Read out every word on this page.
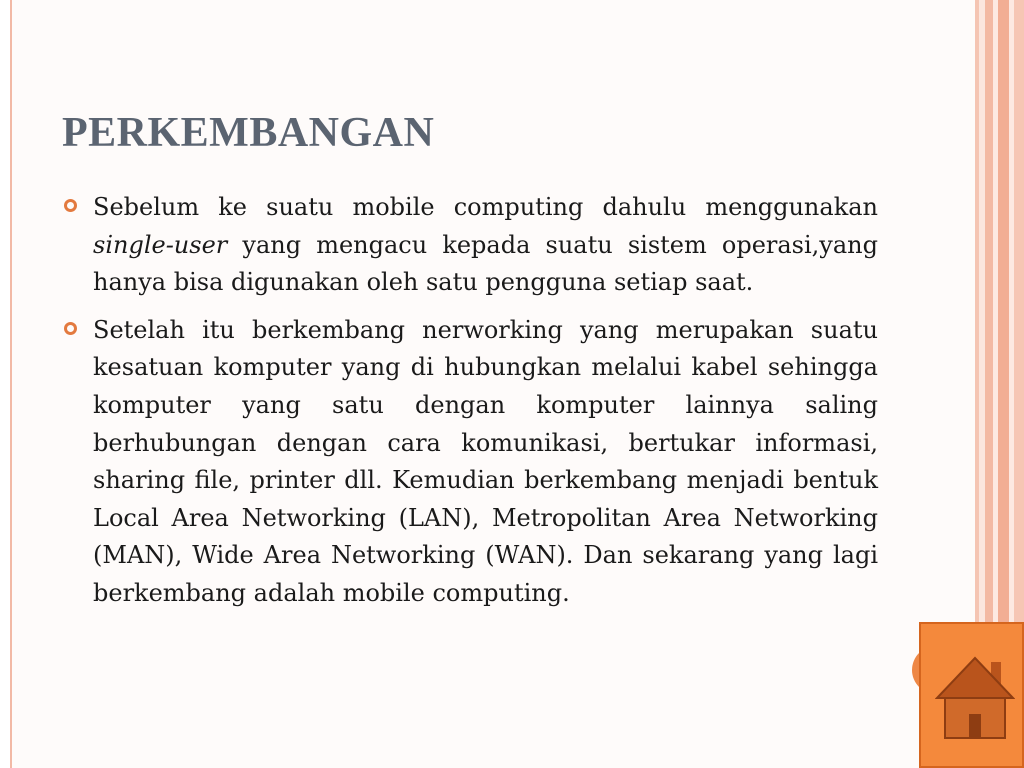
PERKEMBANGAN

Sebelum ke suatu mobile computing dahulu menggunakan single-user yang mengacu kepada suatu sistem operasi,yang hanya bisa digunakan oleh satu pengguna setiap saat.

Setelah itu berkembang nerworking yang merupakan suatu kesatuan komputer yang di hubungkan melalui kabel sehingga komputer yang satu dengan komputer lainnya saling berhubungan dengan cara komunikasi, bertukar informasi, sharing file, printer dll. Kemudian berkembang menjadi bentuk Local Area Networking (LAN), Metropolitan Area Networking (MAN), Wide Area Networking (WAN). Dan sekarang yang lagi berkembang adalah mobile computing.
